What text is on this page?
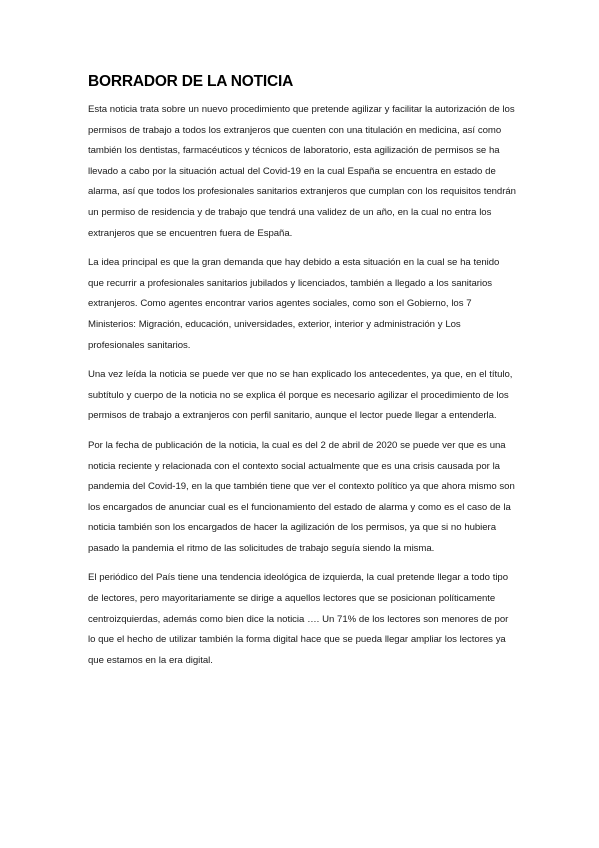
BORRADOR DE LA NOTICIA

Esta noticia trata sobre un nuevo procedimiento que pretende agilizar y facilitar la autorización de los permisos de trabajo a todos los extranjeros que cuenten con una titulación en medicina, así como también los dentistas, farmacéuticos y técnicos de laboratorio, esta agilización de permisos se ha llevado a cabo por la situación actual del Covid-19 en la cual España se encuentra en estado de alarma, así que todos los profesionales sanitarios extranjeros que cumplan con los requisitos tendrán un permiso de residencia y de trabajo que tendrá una validez de un año, en la cual no entra los extranjeros que se encuentren fuera de España.

La idea principal es que la gran demanda que hay debido a esta situación en la cual se ha tenido que recurrir a profesionales sanitarios jubilados y licenciados, también a llegado a los sanitarios extranjeros. Como agentes encontrar varios agentes sociales, como son el Gobierno, los 7 Ministerios: Migración, educación, universidades, exterior, interior y administración y Los profesionales sanitarios.

Una vez leída la noticia se puede ver que no se han explicado los antecedentes, ya que, en el título, subtítulo y cuerpo de la noticia no se explica él porque es necesario agilizar el procedimiento de los permisos de trabajo a extranjeros con perfil sanitario, aunque el lector puede llegar a entenderla.

Por la fecha de publicación de la noticia, la cual es del 2 de abril de 2020 se puede ver que es una noticia reciente y relacionada con el contexto social actualmente que es una crisis causada por la pandemia del Covid-19, en la que también tiene que ver el contexto político ya que ahora mismo son los encargados de anunciar cual es el funcionamiento del estado de alarma y como es el caso de la noticia también son los encargados de hacer la agilización de los permisos, ya que si no hubiera pasado la pandemia el ritmo de las solicitudes de trabajo seguía siendo la misma.

El periódico del País tiene una tendencia ideológica de izquierda, la cual pretende llegar a todo tipo de lectores, pero mayoritariamente se dirige a aquellos lectores que se posicionan políticamente centroizquierdas, además como bien dice la noticia …. Un 71% de los lectores son menores de por lo que el hecho de utilizar también la forma digital hace que se pueda llegar ampliar los lectores ya que estamos en la era digital.
